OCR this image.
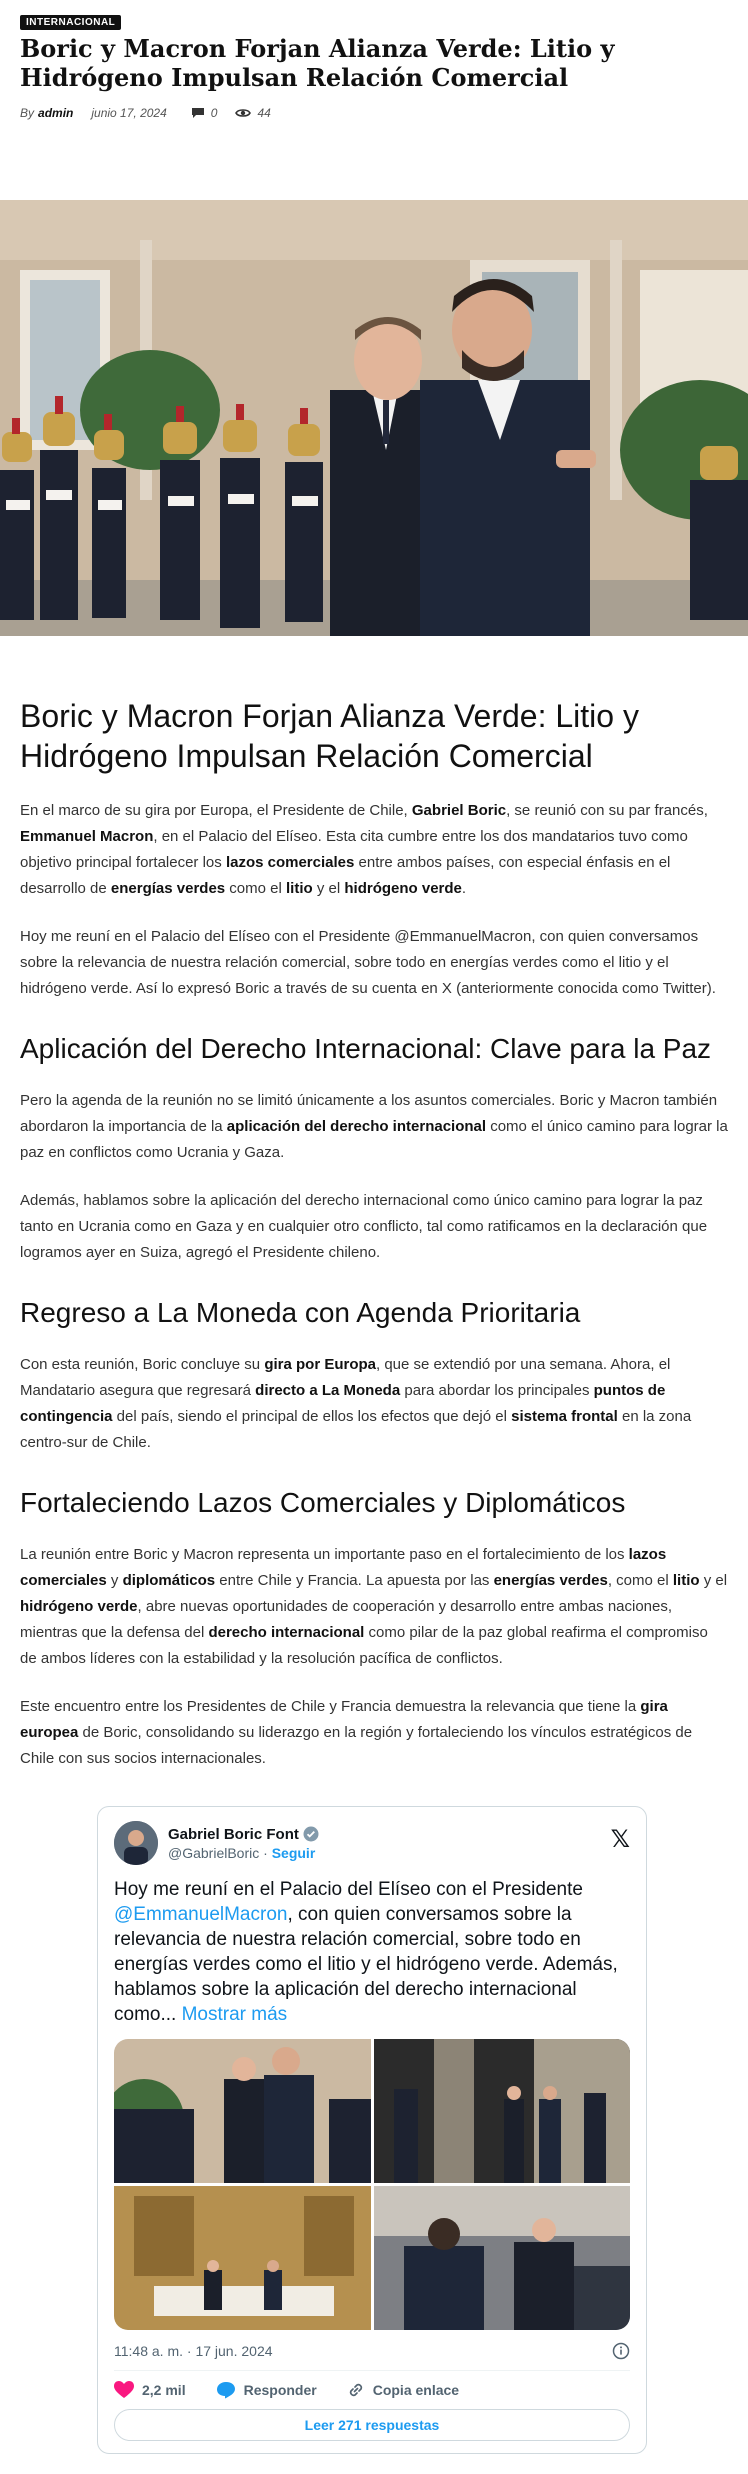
INTERNACIONAL
Boric y Macron Forjan Alianza Verde: Litio y Hidrógeno Impulsan Relación Comercial
By admin junio 17, 2024	0	44
Boric y Macron Forjan Alianza Verde: Litio y Hidrógeno Impulsan Relación Comercial

En el marco de su gira por Europa, el Presidente de Chile, Gabriel Boric, se reunió con su par francés, Emmanuel Macron, en el Palacio del Elíseo. Esta cita cumbre entre los dos mandatarios tuvo como objetivo principal fortalecer los lazos comerciales entre ambos países, con especial énfasis en el desarrollo de energías verdes como el litio y el hidrógeno verde.

Hoy me reuní en el Palacio del Elíseo con el Presidente @EmmanuelMacron, con quien conversamos sobre la relevancia de nuestra relación comercial, sobre todo en energías verdes como el litio y el hidrógeno verde. Así lo expresó Boric a través de su cuenta en X (anteriormente conocida como Twitter).

Aplicación del Derecho Internacional: Clave para la Paz

Pero la agenda de la reunión no se limitó únicamente a los asuntos comerciales. Boric y Macron también abordaron la importancia de la aplicación del derecho internacional como el único camino para lograr la paz en conflictos como Ucrania y Gaza.

Además, hablamos sobre la aplicación del derecho internacional como único camino para lograr la paz tanto en Ucrania como en Gaza y en cualquier otro conflicto, tal como ratificamos en la declaración que logramos ayer en Suiza, agregó el Presidente chileno.

Regreso a La Moneda con Agenda Prioritaria

Con esta reunión, Boric concluye su gira por Europa, que se extendió por una semana. Ahora, el Mandatario asegura que regresará directo a La Moneda para abordar los principales puntos de contingencia del país, siendo el principal de ellos los efectos que dejó el sistema frontal en la zona centro-sur de Chile.

Fortaleciendo Lazos Comerciales y Diplomáticos

La reunión entre Boric y Macron representa un importante paso en el fortalecimiento de los lazos comerciales y diplomáticos entre Chile y Francia. La apuesta por las energías verdes, como el litio y el hidrógeno verde, abre nuevas oportunidades de cooperación y desarrollo entre ambas naciones, mientras que la defensa del derecho internacional como pilar de la paz global reafirma el compromiso de ambos líderes con la estabilidad y la resolución pacífica de conflictos.

Este encuentro entre los Presidentes de Chile y Francia demuestra la relevancia que tiene la gira europea de Boric, consolidando su liderazgo en la región y fortaleciendo los vínculos estratégicos de Chile con sus socios internacionales.

Gabriel Boric Font
@GabrielBoric · Seguir	𝕏
Hoy me reuní en el Palacio del Elíseo con el Presidente @EmmanuelMacron, con quien conversamos sobre la relevancia de nuestra relación comercial, sobre todo en energías verdes como el litio y el hidrógeno verde. Además, hablamos sobre la aplicación del derecho internacional como... Mostrar más
11:48 a. m. · 17 jun. 2024
2,2 mil	Responder	Copia enlace
Leer 271 respuestas
